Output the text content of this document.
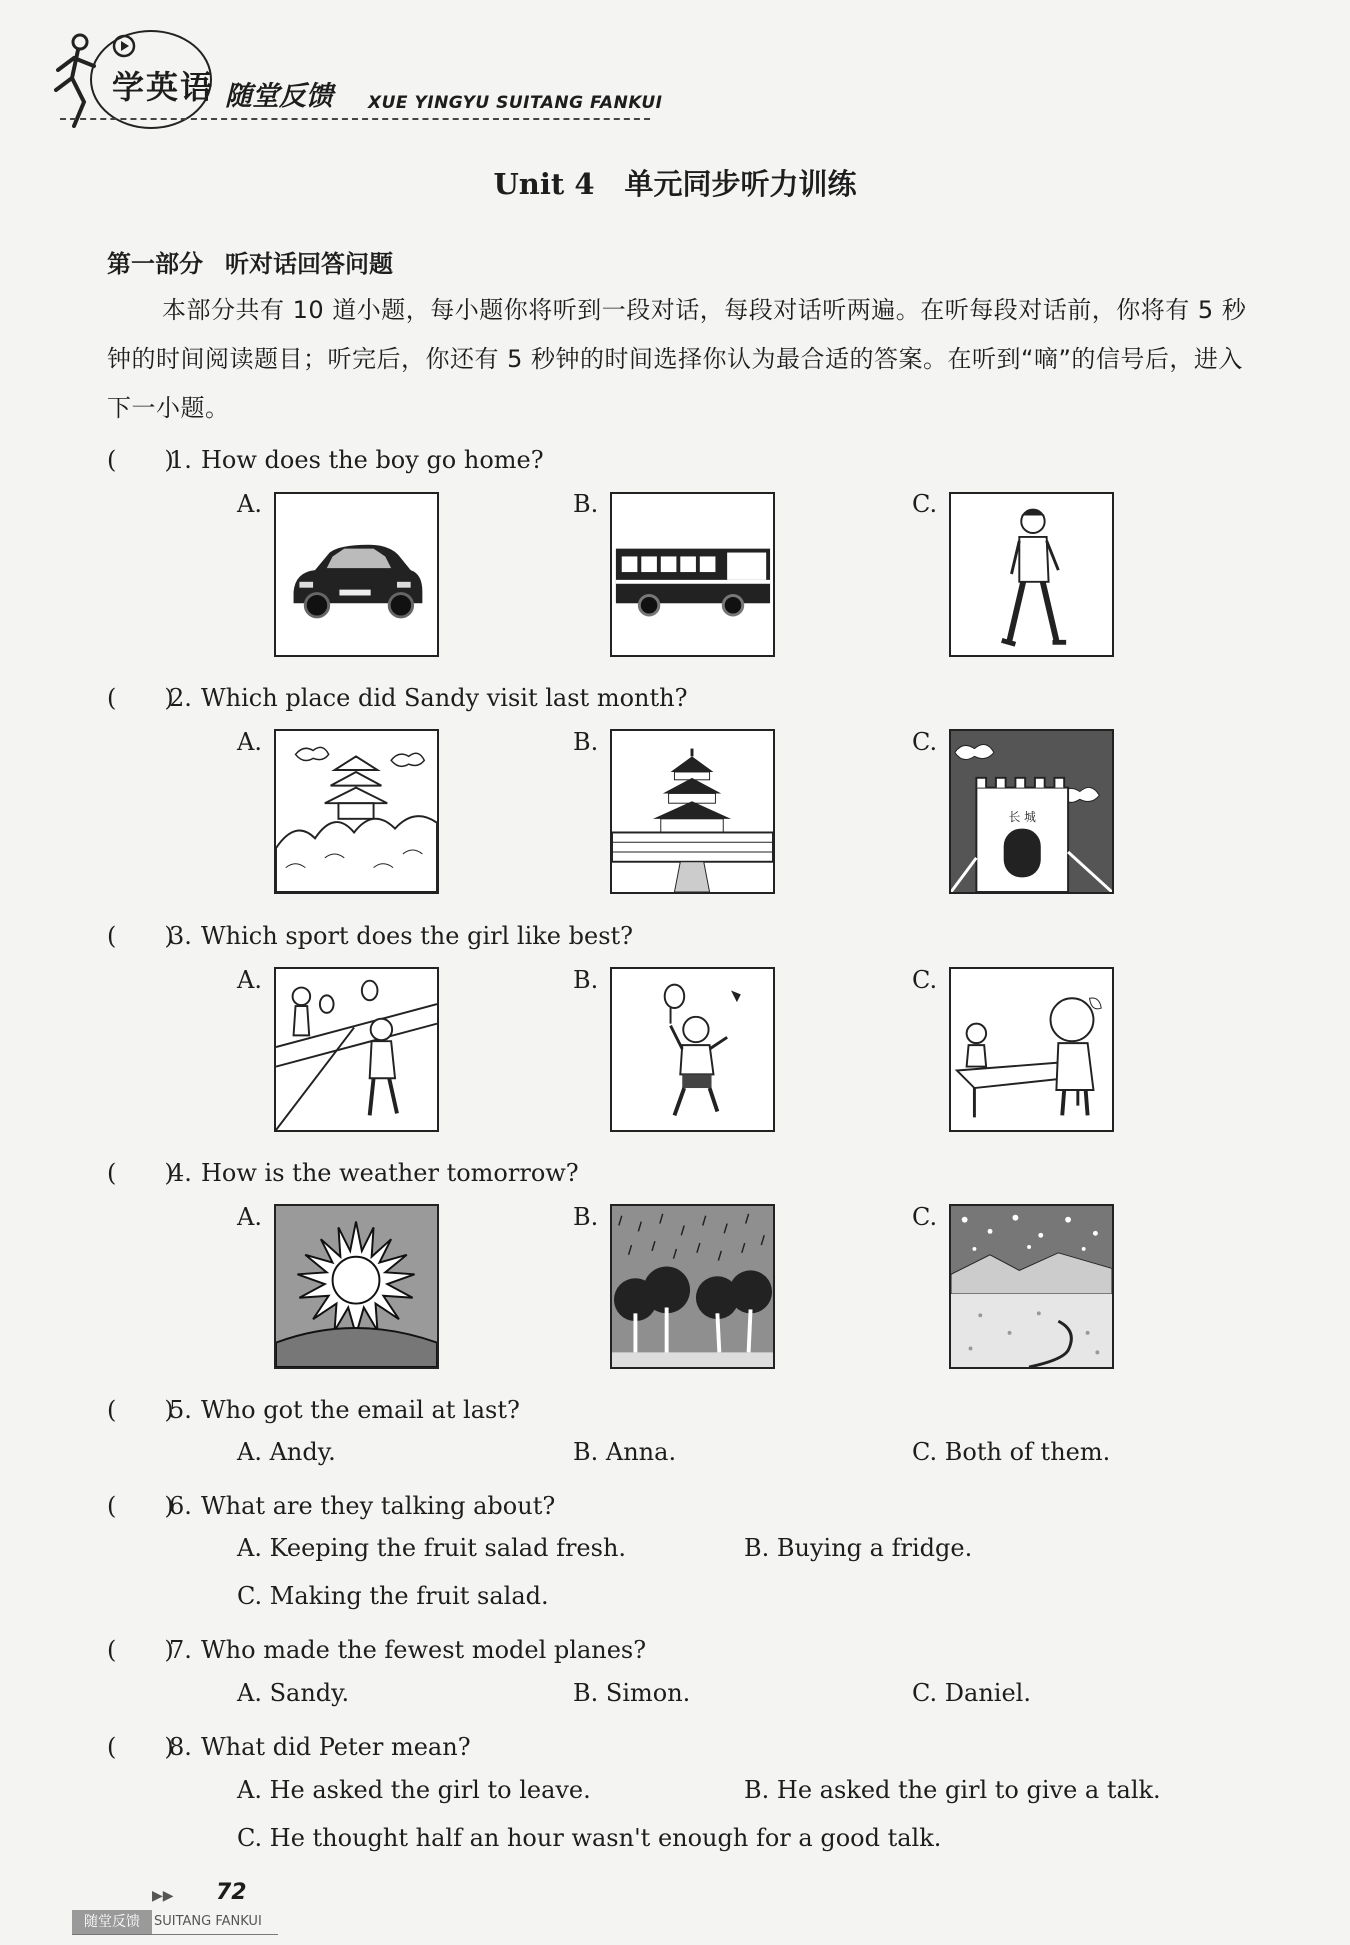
学英语 随堂反馈 XUE YINGYU SUITANG FANKUI
Unit 4 单元同步听力训练
第一部分 听对话回答问题
本部分共有 10 道小题，每小题你将听到一段对话，每段对话听两遍。在听每段对话前，你将有 5 秒钟的时间阅读题目；听完后，你还有 5 秒钟的时间选择你认为最合适的答案。在听到“嘀”的信号后，进入下一小题。
(　　)1. How does the boy go home?
A.	B.	C.
(　　)2. Which place did Sandy visit last month?
A.	B.	C.
长 城
(　　)3. Which sport does the girl like best?
A.	B.	C.
(　　)4. How is the weather tomorrow?
A.	B.	C.
(　　)5. Who got the email at last?
A. Andy.	B. Anna.	C. Both of them.
(　　)6. What are they talking about?
A. Keeping the fruit salad fresh.	B. Buying a fridge.
C. Making the fruit salad.
(　　)7. Who made the fewest model planes?
A. Sandy.	B. Simon.	C. Daniel.
(　　)8. What did Peter mean?
A. He asked the girl to leave.	B. He asked the girl to give a talk.
C. He thought half an hour wasn't enough for a good talk.
▶▶ 72
随堂反馈	SUITANG FANKUI
